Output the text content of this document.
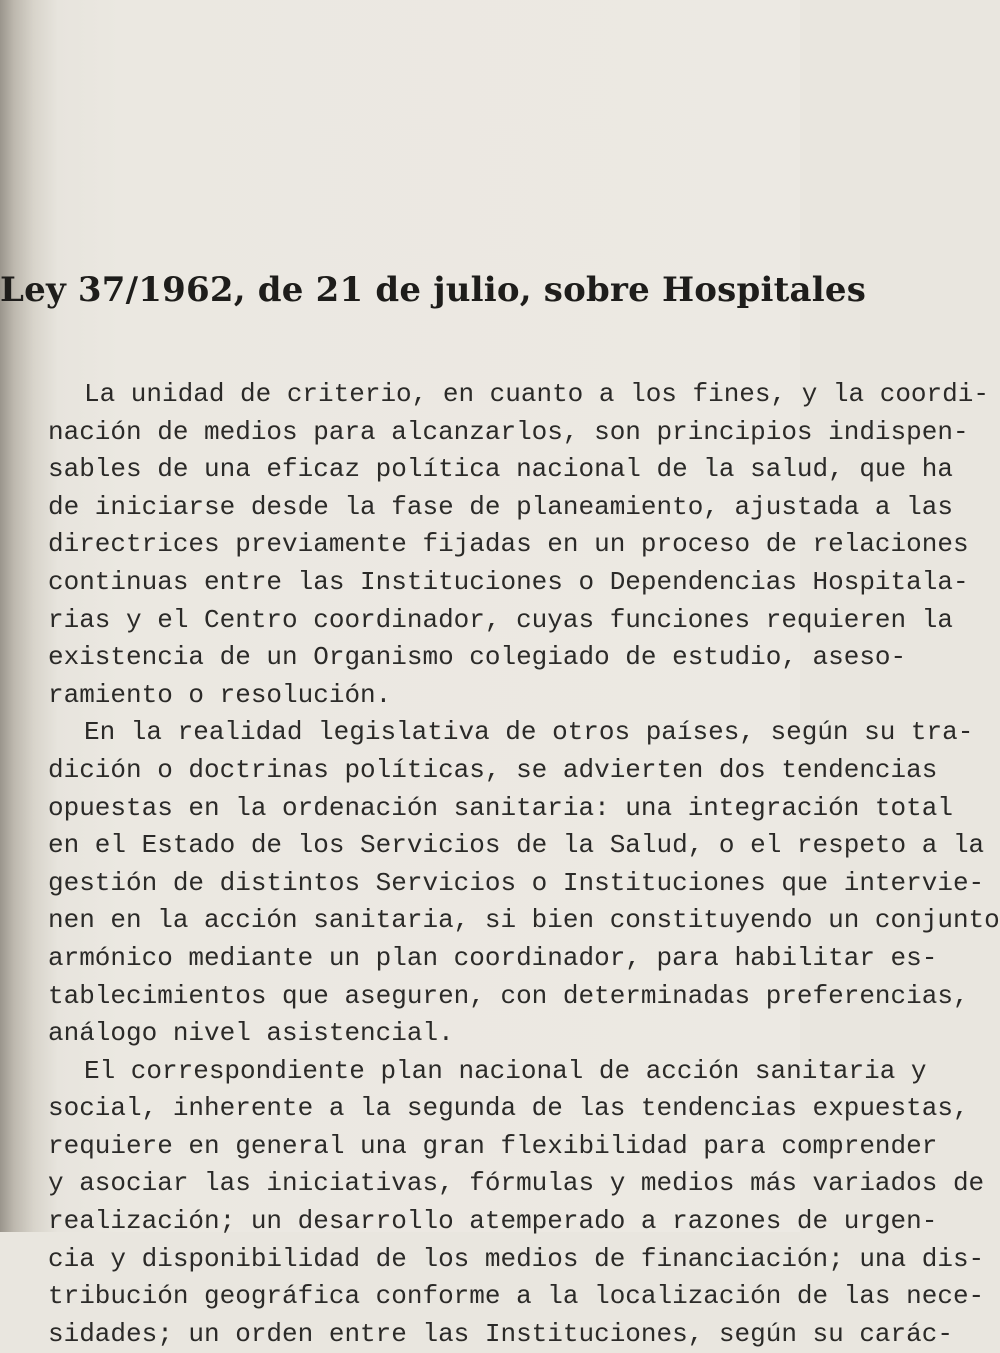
Ley 37/1962, de 21 de julio, sobre Hospitales
La unidad de criterio, en cuanto a los fines, y la coordi-
nación de medios para alcanzarlos, son principios indispen-
sables de una eficaz política nacional de la salud, que ha
de iniciarse desde la fase de planeamiento, ajustada a las
directrices previamente fijadas en un proceso de relaciones
continuas entre las Instituciones o Dependencias Hospitala-
rias y el Centro coordinador, cuyas funciones requieren la
existencia de un Organismo colegiado de estudio, aseso-
ramiento o resolución.
En la realidad legislativa de otros países, según su tra-
dición o doctrinas políticas, se advierten dos tendencias
opuestas en la ordenación sanitaria: una integración total
en el Estado de los Servicios de la Salud, o el respeto a la
gestión de distintos Servicios o Instituciones que intervie-
nen en la acción sanitaria, si bien constituyendo un conjunto
armónico mediante un plan coordinador, para habilitar es-
tablecimientos que aseguren, con determinadas preferencias,
análogo nivel asistencial.
El correspondiente plan nacional de acción sanitaria y
social, inherente a la segunda de las tendencias expuestas,
requiere en general una gran flexibilidad para comprender
y asociar las iniciativas, fórmulas y medios más variados de
realización; un desarrollo atemperado a razones de urgen-
cia y disponibilidad de los medios de financiación; una dis-
tribución geográfica conforme a la localización de las nece-
sidades; un orden entre las Instituciones, según su carác-
